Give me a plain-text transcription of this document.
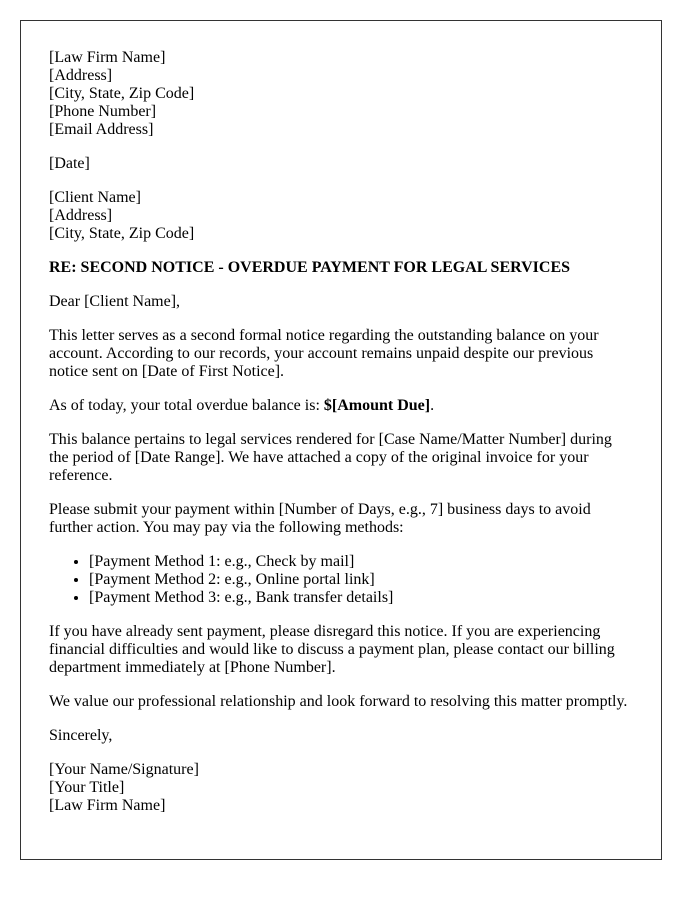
[Law Firm Name]
[Address]
[City, State, Zip Code]
[Phone Number]
[Email Address]
[Date]
[Client Name]
[Address]
[City, State, Zip Code]
RE: SECOND NOTICE - OVERDUE PAYMENT FOR LEGAL SERVICES

Dear [Client Name],

This letter serves as a second formal notice regarding the outstanding balance on your account. According to our records, your account remains unpaid despite our previous notice sent on [Date of First Notice].

As of today, your total overdue balance is: $[Amount Due].

This balance pertains to legal services rendered for [Case Name/Matter Number] during the period of [Date Range]. We have attached a copy of the original invoice for your reference.

Please submit your payment within [Number of Days, e.g., 7] business days to avoid further action. You may pay via the following methods:

• [Payment Method 1: e.g., Check by mail]
• [Payment Method 2: e.g., Online portal link]
• [Payment Method 3: e.g., Bank transfer details]

If you have already sent payment, please disregard this notice. If you are experiencing financial difficulties and would like to discuss a payment plan, please contact our billing department immediately at [Phone Number].

We value our professional relationship and look forward to resolving this matter promptly.

Sincerely,

[Your Name/Signature]
[Your Title]
[Law Firm Name]
